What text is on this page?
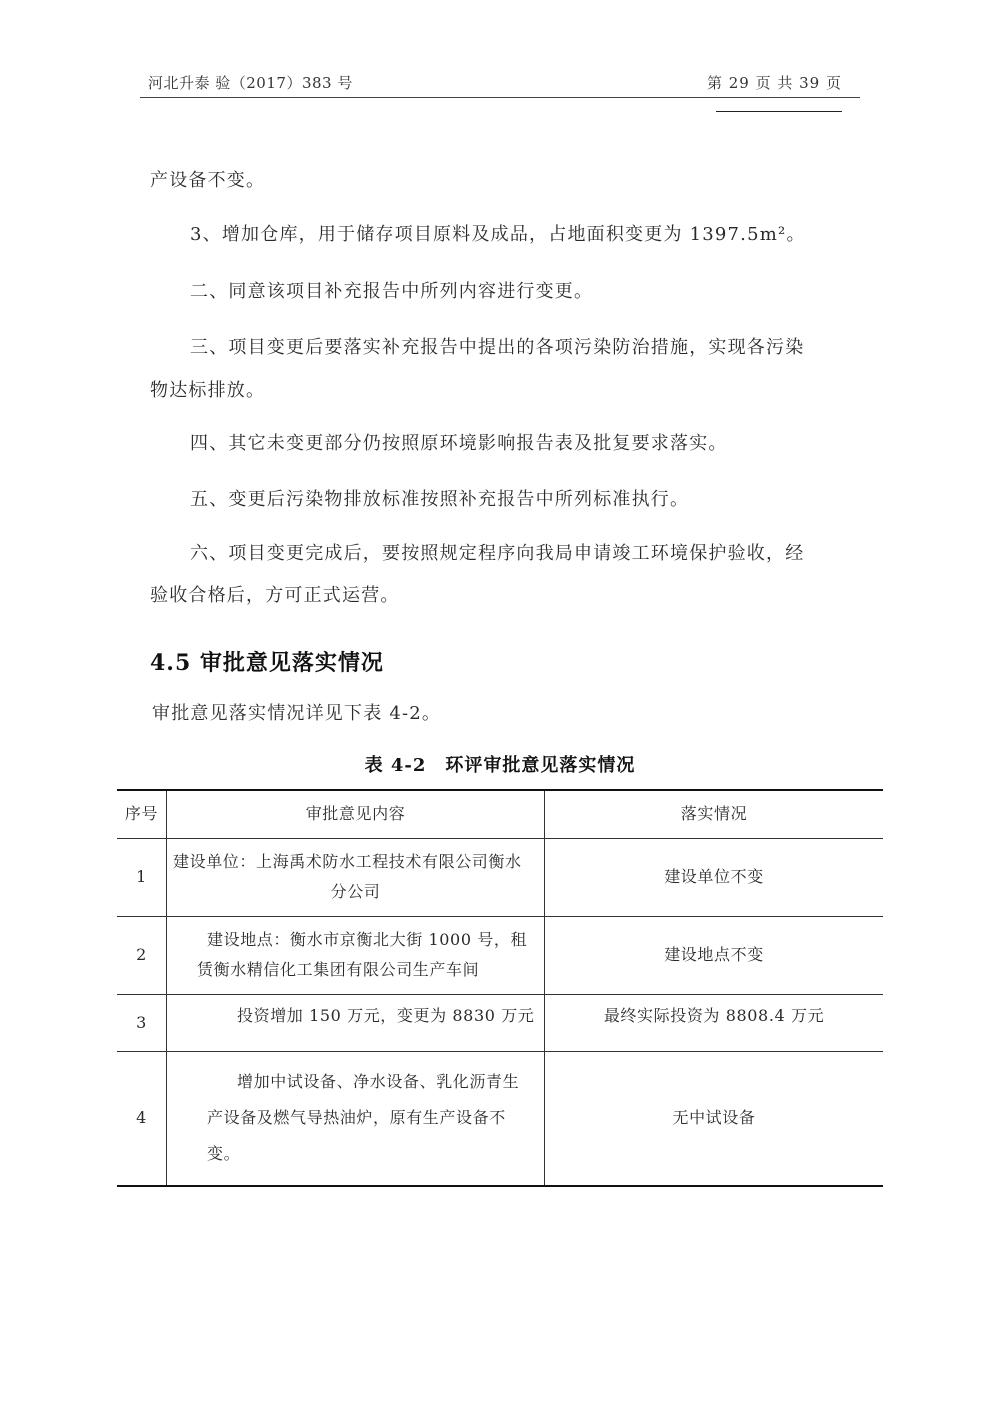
河北升泰 验（2017）383 号	第 29 页 共 39 页
产设备不变。
3、增加仓库，用于储存项目原料及成品，占地面积变更为 1397.5m²。
二、同意该项目补充报告中所列内容进行变更。
三、项目变更后要落实补充报告中提出的各项污染防治措施，实现各污染
物达标排放。
四、其它未变更部分仍按照原环境影响报告表及批复要求落实。
五、变更后污染物排放标准按照补充报告中所列标准执行。
六、项目变更完成后，要按照规定程序向我局申请竣工环境保护验收，经
验收合格后，方可正式运营。
4.5 审批意见落实情况
审批意见落实情况详见下表 4-2。
表 4-2　环评审批意见落实情况
序号	审批意见内容	落实情况

1	建设单位：上海禹术防水工程技术有限公司衡水
分公司	建设单位不变

2	建设地点：衡水市京衡北大街 1000 号，租
赁衡水精信化工集团有限公司生产车间	建设地点不变

3	投资增加 150 万元，变更为 8830 万元	最终实际投资为 8808.4 万元

4	增加中试设备、净水设备、乳化沥青生
产设备及燃气导热油炉，原有生产设备不
变。	无中试设备
